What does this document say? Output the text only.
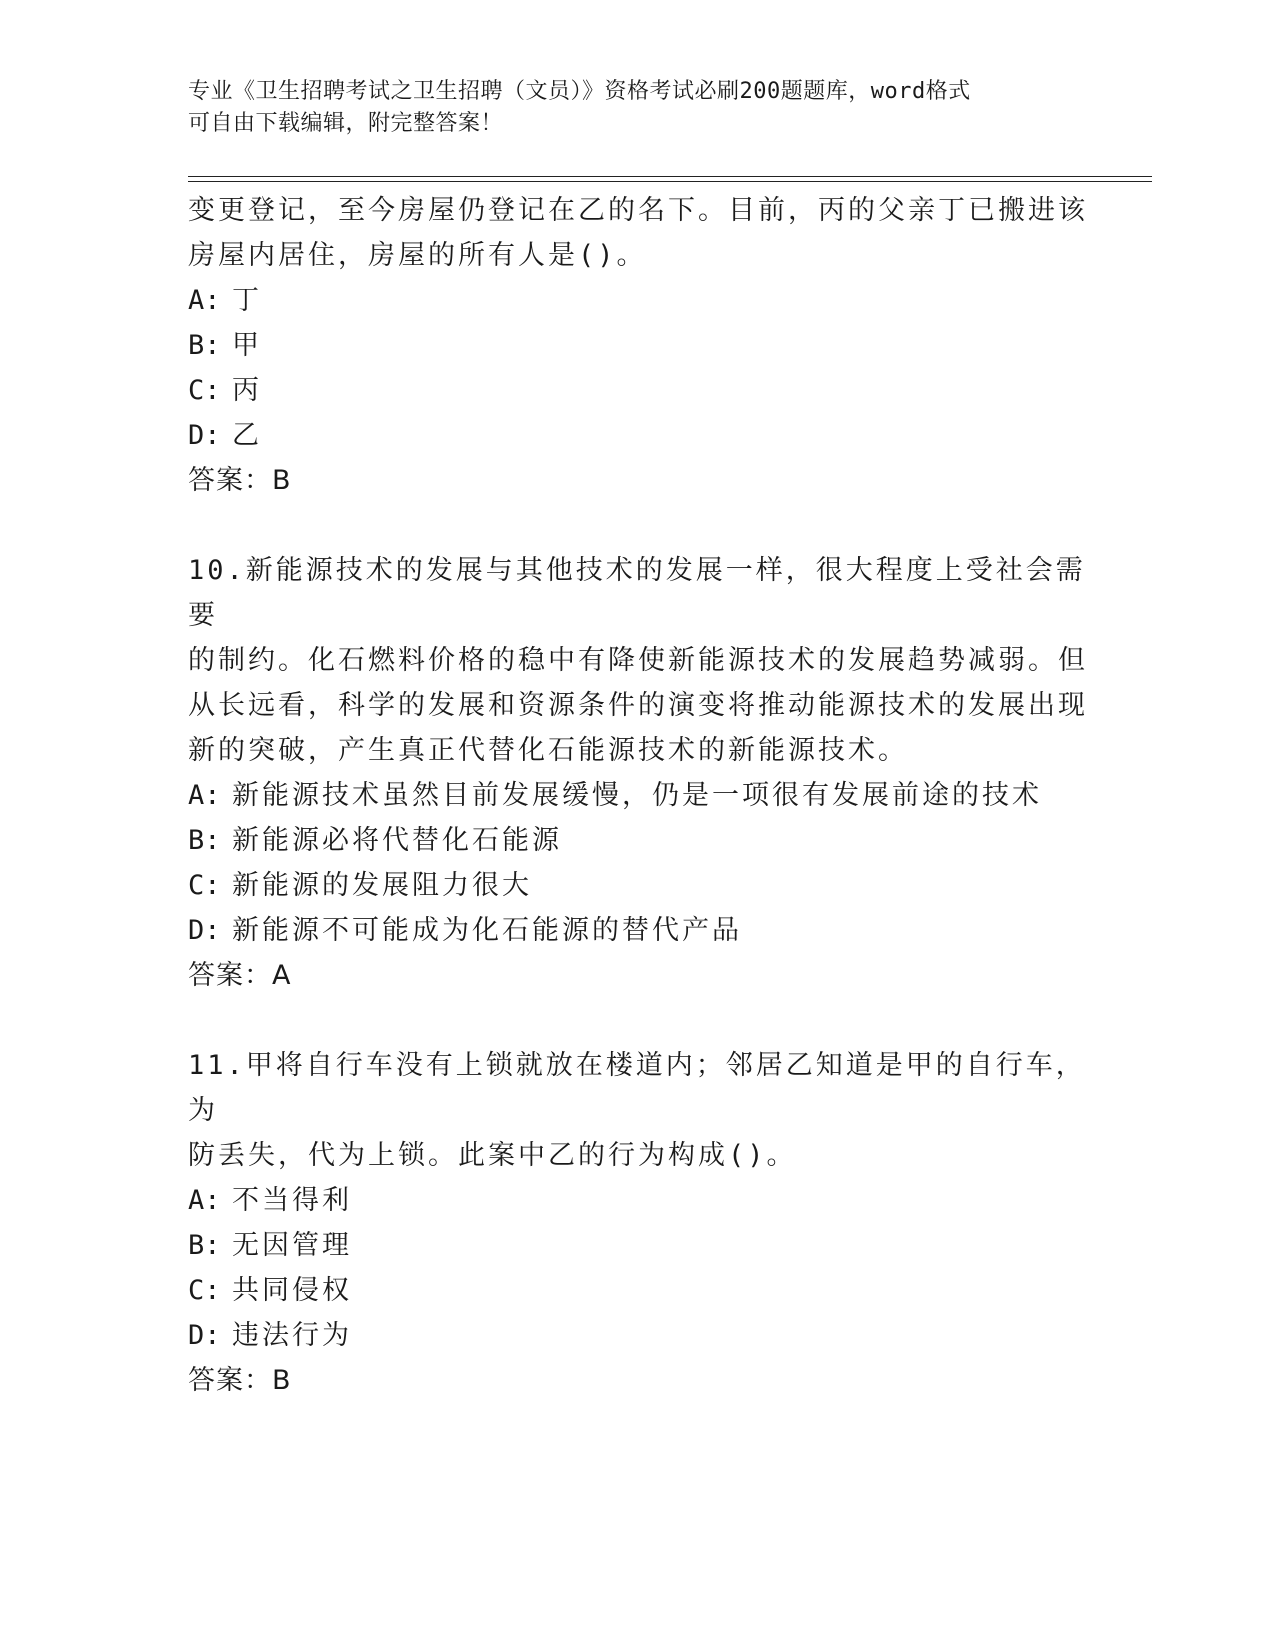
专业《卫生招聘考试之卫生招聘（文员）》资格考试必刷200题题库，word格式
可自由下载编辑，附完整答案！

变更登记，至今房屋仍登记在乙的名下。目前，丙的父亲丁已搬进该

房屋内居住，房屋的所有人是()。

A: 丁

B: 甲

C: 丙

D: 乙

答案：B

10.新能源技术的发展与其他技术的发展一样，很大程度上受社会需要

的制约。化石燃料价格的稳中有降使新能源技术的发展趋势减弱。但

从长远看，科学的发展和资源条件的演变将推动能源技术的发展出现

新的突破，产生真正代替化石能源技术的新能源技术。

A: 新能源技术虽然目前发展缓慢，仍是一项很有发展前途的技术

B: 新能源必将代替化石能源

C: 新能源的发展阻力很大

D: 新能源不可能成为化石能源的替代产品

答案：A

11.甲将自行车没有上锁就放在楼道内；邻居乙知道是甲的自行车，为

防丢失，代为上锁。此案中乙的行为构成()。

A: 不当得利

B: 无因管理

C: 共同侵权

D: 违法行为

答案：B
